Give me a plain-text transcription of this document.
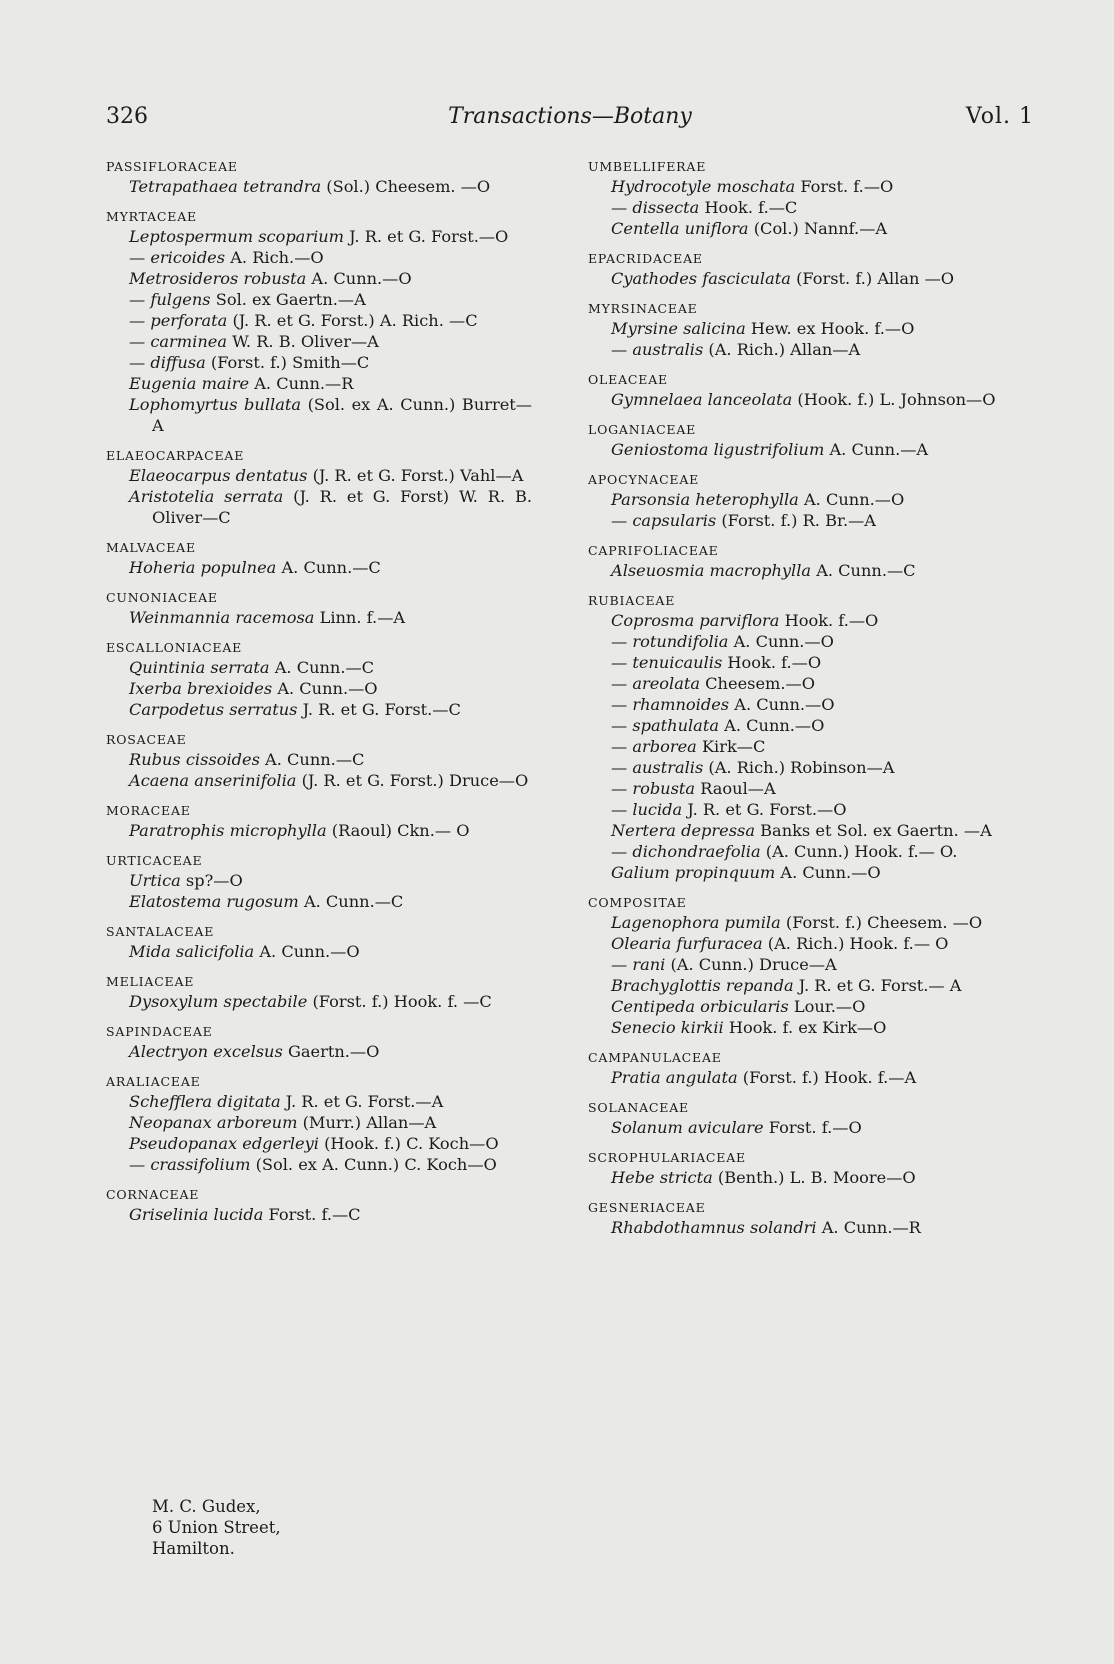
326	Transactions—Botany	Vol. 1
PASSIFLORACEAE
Tetrapathaea tetrandra (Sol.) Cheesem. —O
MYRTACEAE
Leptospermum scoparium J. R. et G. Forst.—O
— ericoides A. Rich.—O
Metrosideros robusta A. Cunn.—O
— fulgens Sol. ex Gaertn.—A
— perforata (J. R. et G. Forst.) A. Rich. —C
— carminea W. R. B. Oliver—A
— diffusa (Forst. f.) Smith—C
Eugenia maire A. Cunn.—R
Lophomyrtus bullata (Sol. ex A. Cunn.) Burret—A
ELAEOCARPACEAE
Elaeocarpus dentatus (J. R. et G. Forst.) Vahl—A
Aristotelia serrata (J. R. et G. Forst) W. R. B. Oliver—C
MALVACEAE
Hoheria populnea A. Cunn.—C
CUNONIACEAE
Weinmannia racemosa Linn. f.—A
ESCALLONIACEAE
Quintinia serrata A. Cunn.—C
Ixerba brexioides A. Cunn.—O
Carpodetus serratus J. R. et G. Forst.—C
ROSACEAE
Rubus cissoides A. Cunn.—C
Acaena anserinifolia (J. R. et G. Forst.) Druce—O
MORACEAE
Paratrophis microphylla (Raoul) Ckn.— O
URTICACEAE
Urtica sp?—O
Elatostema rugosum A. Cunn.—C
SANTALACEAE
Mida salicifolia A. Cunn.—O
MELIACEAE
Dysoxylum spectabile (Forst. f.) Hook. f. —C
SAPINDACEAE
Alectryon excelsus Gaertn.—O
ARALIACEAE
Schefflera digitata J. R. et G. Forst.—A
Neopanax arboreum (Murr.) Allan—A
Pseudopanax edgerleyi (Hook. f.) C. Koch—O
— crassifolium (Sol. ex A. Cunn.) C. Koch—O
CORNACEAE
Griselinia lucida Forst. f.—C
UMBELLIFERAE
Hydrocotyle moschata Forst. f.—O
— dissecta Hook. f.—C
Centella uniflora (Col.) Nannf.—A
EPACRIDACEAE
Cyathodes fasciculata (Forst. f.) Allan —O
MYRSINACEAE
Myrsine salicina Hew. ex Hook. f.—O
— australis (A. Rich.) Allan—A
OLEACEAE
Gymnelaea lanceolata (Hook. f.) L. Johnson—O
LOGANIACEAE
Geniostoma ligustrifolium A. Cunn.—A
APOCYNACEAE
Parsonsia heterophylla A. Cunn.—O
— capsularis (Forst. f.) R. Br.—A
CAPRIFOLIACEAE
Alseuosmia macrophylla A. Cunn.—C
RUBIACEAE
Coprosma parviflora Hook. f.—O
— rotundifolia A. Cunn.—O
— tenuicaulis Hook. f.—O
— areolata Cheesem.—O
— rhamnoides A. Cunn.—O
— spathulata A. Cunn.—O
— arborea Kirk—C
— australis (A. Rich.) Robinson—A
— robusta Raoul—A
— lucida J. R. et G. Forst.—O
Nertera depressa Banks et Sol. ex Gaertn. —A
— dichondraefolia (A. Cunn.) Hook. f.— O.
Galium propinquum A. Cunn.—O
COMPOSITAE
Lagenophora pumila (Forst. f.) Cheesem. —O
Olearia furfuracea (A. Rich.) Hook. f.— O
— rani (A. Cunn.) Druce—A
Brachyglottis repanda J. R. et G. Forst.— A
Centipeda orbicularis Lour.—O
Senecio kirkii Hook. f. ex Kirk—O
CAMPANULACEAE
Pratia angulata (Forst. f.) Hook. f.—A
SOLANACEAE
Solanum aviculare Forst. f.—O
SCROPHULARIACEAE
Hebe stricta (Benth.) L. B. Moore—O
GESNERIACEAE
Rhabdothamnus solandri A. Cunn.—R
M. C. Gudex,
6 Union Street,
Hamilton.
